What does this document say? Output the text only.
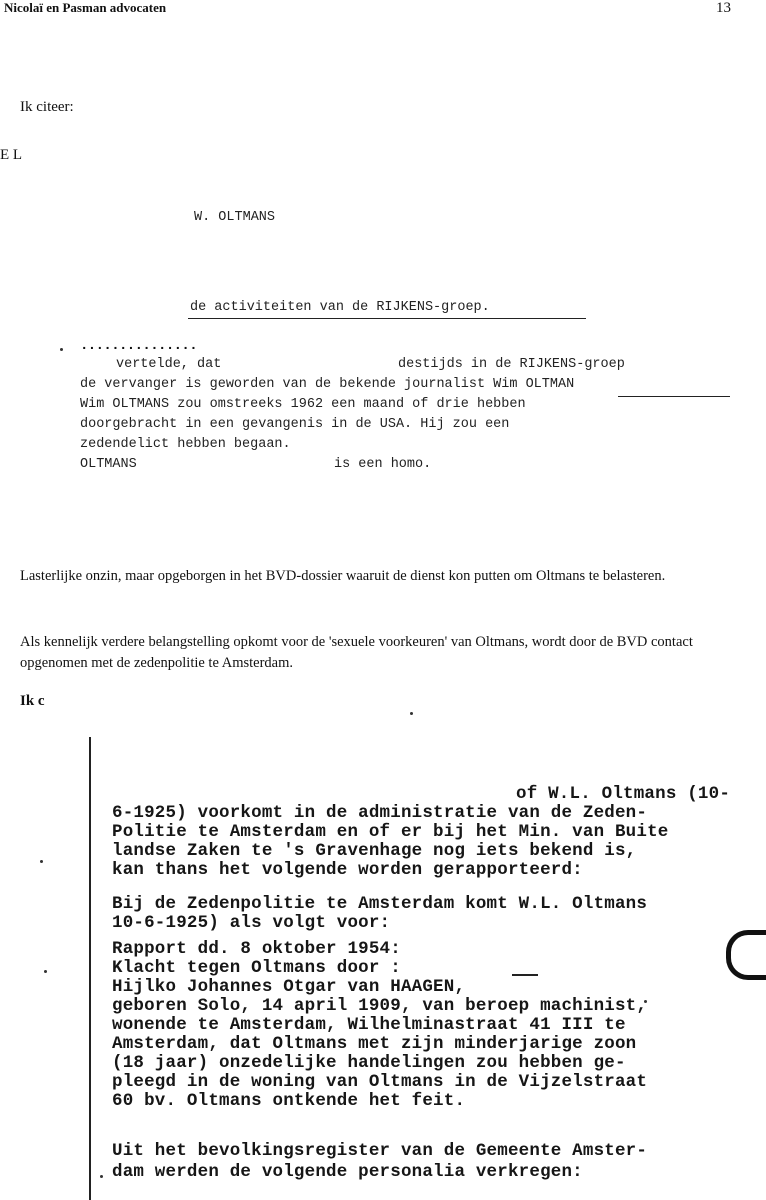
Nicolaï en Pasman advocaten	13
Ik citeer:
E L
W. OLTMANS
de activiteiten van de RIJKENS-groep.
...............
vertelde, dat	destijds in de RIJKENS-groep
de vervanger is geworden van de bekende journalist Wim OLTMAN
Wim OLTMANS zou omstreeks 1962 een maand of drie hebben
doorgebracht in een gevangenis in de USA. Hij zou een
zedendelict hebben begaan.
OLTMANS	is een homo.
Lasterlijke onzin, maar opgeborgen in het BVD-dossier waaruit de dienst kon putten om Oltmans te belasteren.
Als kennelijk verdere belangstelling opkomt voor de 'sexuele voorkeuren' van Oltmans, wordt door de BVD contact opgenomen met de zedenpolitie te Amsterdam.
Ik c
of W.L. Oltmans (10-
6-1925) voorkomt in de administratie van de Zeden-
Politie te Amsterdam en of er bij het Min. van Buite
landse Zaken te 's Gravenhage nog iets bekend is,
kan thans het volgende worden gerapporteerd:
Bij de Zedenpolitie te Amsterdam komt W.L. Oltmans
10-6-1925) als volgt voor:
Rapport dd. 8 oktober 1954:
Klacht tegen Oltmans door :
Hijlko Johannes Otgar van HAAGEN,
geboren Solo, 14 april 1909, van beroep machinist,
wonende te Amsterdam, Wilhelminastraat 41 III te
Amsterdam, dat Oltmans met zijn minderjarige zoon
(18 jaar) onzedelijke handelingen zou hebben ge-
pleegd in de woning van Oltmans in de Vijzelstraat
60 bv. Oltmans ontkende het feit.
Uit het bevolkingsregister van de Gemeente Amster-
dam werden de volgende personalia verkregen:
